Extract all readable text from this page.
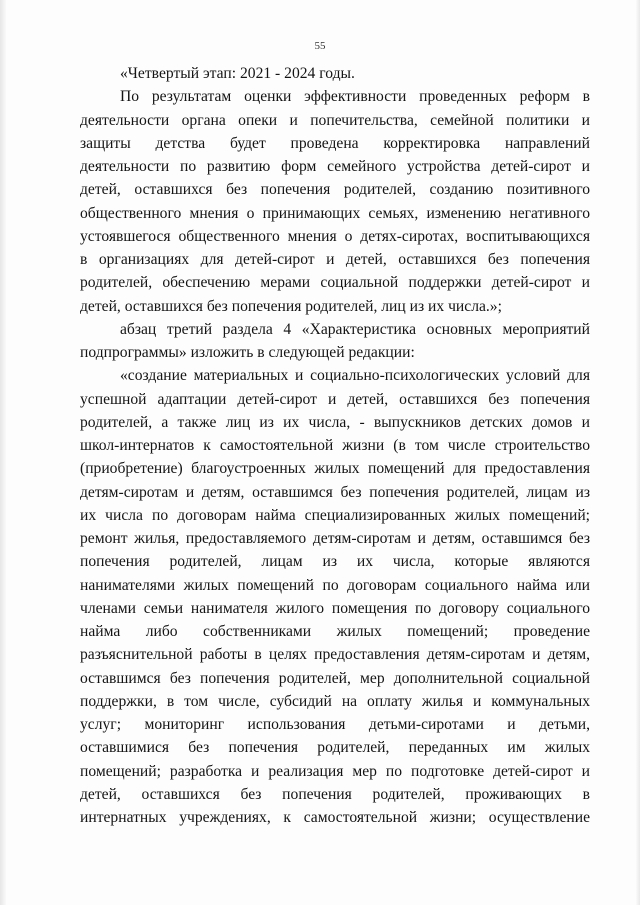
55
«Четвертый этап: 2021 - 2024 годы.
По результатам оценки эффективности проведенных реформ в
деятельности органа опеки и попечительства, семейной политики и
защиты детства будет проведена корректировка направлений
деятельности по развитию форм семейного устройства детей-сирот и
детей, оставшихся без попечения родителей, созданию позитивного
общественного мнения о принимающих семьях, изменению негативного
устоявшегося общественного мнения о детях-сиротах, воспитывающихся
в организациях для детей-сирот и детей, оставшихся без попечения
родителей, обеспечению мерами социальной поддержки детей-сирот и
детей, оставшихся без попечения родителей, лиц из их числа.»;
абзац третий раздела 4 «Характеристика основных мероприятий
подпрограммы» изложить в следующей редакции:
«создание материальных и социально-психологических условий для
успешной адаптации детей-сирот и детей, оставшихся без попечения
родителей, а также лиц из их числа, - выпускников детских домов и
школ-интернатов к самостоятельной жизни (в том числе строительство
(приобретение) благоустроенных жилых помещений для предоставления
детям-сиротам и детям, оставшимся без попечения родителей, лицам из
их числа по договорам найма специализированных жилых помещений;
ремонт жилья, предоставляемого детям-сиротам и детям, оставшимся без
попечения родителей, лицам из их числа, которые являются
нанимателями жилых помещений по договорам социального найма или
членами семьи нанимателя жилого помещения по договору социального
найма либо собственниками жилых помещений; проведение
разъяснительной работы в целях предоставления детям-сиротам и детям,
оставшимся без попечения родителей, мер дополнительной социальной
поддержки, в том числе, субсидий на оплату жилья и коммунальных
услуг; мониторинг использования детьми-сиротами и детьми,
оставшимися без попечения родителей, переданных им жилых
помещений; разработка и реализация мер по подготовке детей-сирот и
детей, оставшихся без попечения родителей, проживающих в
интернатных учреждениях, к самостоятельной жизни; осуществление
